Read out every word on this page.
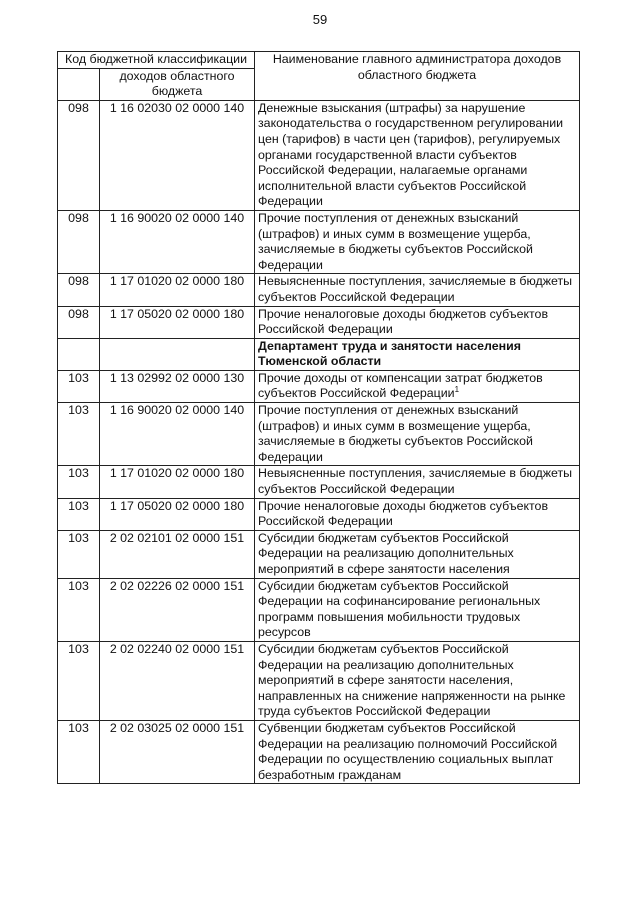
59
Код бюджетной классификации		Наименование главного администратора доходов областного бюджета
	доходов областного бюджета	
098	1 16 02030 02 0000 140	Денежные взыскания (штрафы) за нарушение законодательства о государственном регулировании цен (тарифов) в части цен (тарифов), регулируемых органами государственной власти субъектов Российской Федерации, налагаемые органами исполнительной власти субъектов Российской Федерации
098	1 16 90020 02 0000 140	Прочие поступления от денежных взысканий (штрафов) и иных сумм в возмещение ущерба, зачисляемые в бюджеты субъектов Российской Федерации
098	1 17 01020 02 0000 180	Невыясненные поступления, зачисляемые в бюджеты субъектов Российской Федерации
098	1 17 05020 02 0000 180	Прочие неналоговые доходы бюджетов субъектов Российской Федерации
		Департамент труда и занятости населения Тюменской области
103	1 13 02992 02 0000 130	Прочие доходы от компенсации затрат бюджетов субъектов Российской Федерации$^1$
103	1 16 90020 02 0000 140	Прочие поступления от денежных взысканий (штрафов) и иных сумм в возмещение ущерба, зачисляемые в бюджеты субъектов Российской Федерации
103	1 17 01020 02 0000 180	Невыясненные поступления, зачисляемые в бюджеты субъектов Российской Федерации
103	1 17 05020 02 0000 180	Прочие неналоговые доходы бюджетов субъектов Российской Федерации
103	2 02 02101 02 0000 151	Субсидии бюджетам субъектов Российской Федерации на реализацию дополнительных мероприятий в сфере занятости населения
103	2 02 02226 02 0000 151	Субсидии бюджетам субъектов Российской Федерации на софинансирование региональных программ повышения мобильности трудовых ресурсов
103	2 02 02240 02 0000 151	Субсидии бюджетам субъектов Российской Федерации на реализацию дополнительных мероприятий в сфере занятости населения, направленных на снижение напряженности на рынке труда субъектов Российской Федерации
103	2 02 03025 02 0000 151	Субвенции бюджетам субъектов Российской Федерации на реализацию полномочий Российской Федерации по осуществлению социальных выплат безработным гражданам
